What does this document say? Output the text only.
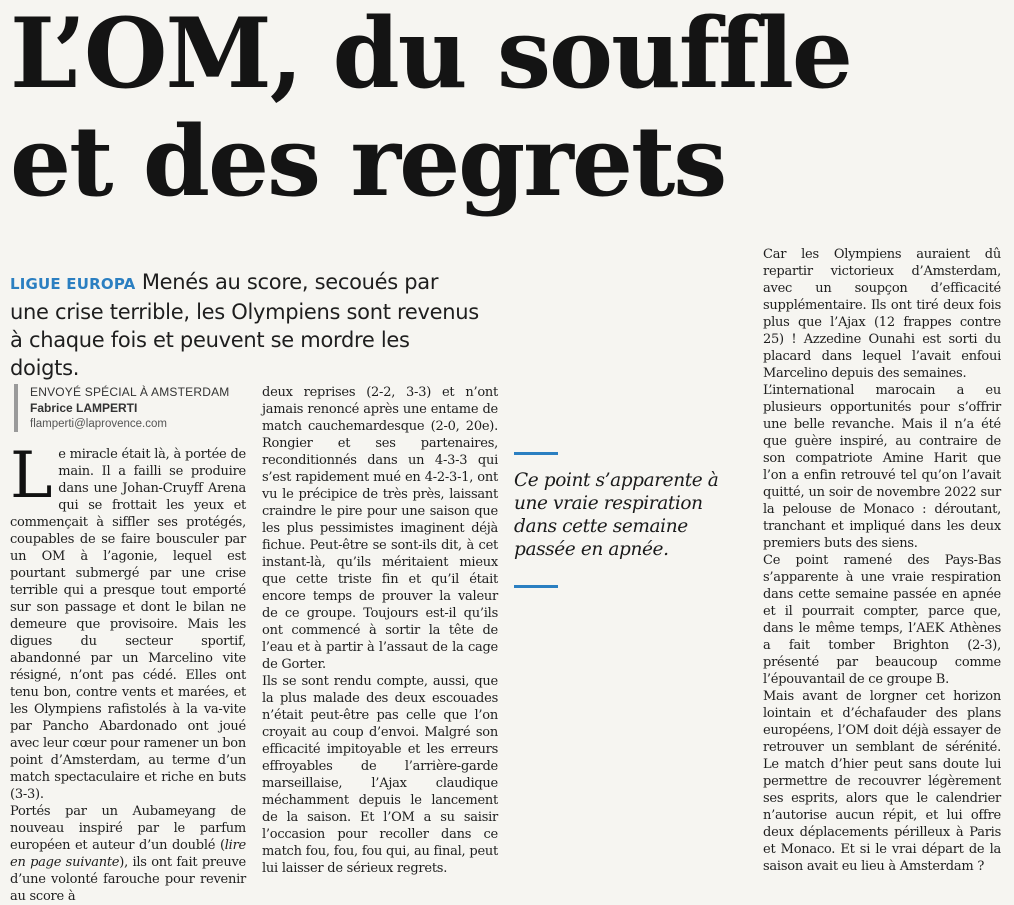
L’OM, du souffle
et des regrets
LIGUE EUROPA Menés au score, secoués par une crise terrible, les Olympiens sont revenus à chaque fois et peuvent se mordre les doigts.
ENVOYÉ SPÉCIAL À AMSTERDAM
Fabrice LAMPERTI
flamperti@laprovence.com

Le miracle était là, à portée de main. Il a failli se produire dans une Johan-Cruyff Arena qui se frottait les yeux et commençait à siffler ses protégés, coupables de se faire bousculer par un OM à l’agonie, lequel est pourtant submergé par une crise terrible qui a presque tout emporté sur son passage et dont le bilan ne demeure que provisoire. Mais les digues du secteur sportif, abandonné par un Marcelino vite résigné, n’ont pas cédé. Elles ont tenu bon, contre vents et marées, et les Olympiens rafistolés à la va-vite par Pancho Abardonado ont joué avec leur cœur pour ramener un bon point d’Amsterdam, au terme d’un match spectaculaire et riche en buts (3-3).

Portés par un Aubameyang de nouveau inspiré par le parfum européen et auteur d’un doublé (lire en page suivante), ils ont fait preuve d’une volonté farouche pour revenir au score à

deux reprises (2-2, 3-3) et n’ont jamais renoncé après une entame de match cauchemardesque (2-0, 20e). Rongier et ses partenaires, reconditionnés dans un 4-3-3 qui s’est rapidement mué en 4-2-3-1, ont vu le précipice de très près, laissant craindre le pire pour une saison que les plus pessimistes imaginent déjà fichue. Peut-être se sont-ils dit, à cet instant-là, qu’ils méritaient mieux que cette triste fin et qu’il était encore temps de prouver la valeur de ce groupe. Toujours est-il qu’ils ont commencé à sortir la tête de l’eau et à partir à l’assaut de la cage de Gorter.

Ils se sont rendu compte, aussi, que la plus malade des deux escouades n’était peut-être pas celle que l’on croyait au coup d’envoi. Malgré son efficacité impitoyable et les erreurs effroyables de l’arrière-garde marseillaise, l’Ajax claudique méchamment depuis le lancement de la saison. Et l’OM a su saisir l’occasion pour recoller dans ce match fou, fou, fou qui, au final, peut lui laisser de sérieux regrets.

Ce point s’apparente à une vraie respiration dans cette semaine passée en apnée.

Car les Olympiens auraient dû repartir victorieux d’Amsterdam, avec un soupçon d’efficacité supplémentaire. Ils ont tiré deux fois plus que l’Ajax (12 frappes contre 25) ! Azzedine Ounahi est sorti du placard dans lequel l’avait enfoui Marcelino depuis des semaines.

L’international marocain a eu plusieurs opportunités pour s’offrir une belle revanche. Mais il n’a été que guère inspiré, au contraire de son compatriote Amine Harit que l’on a enfin retrouvé tel qu’on l’avait quitté, un soir de novembre 2022 sur la pelouse de Monaco : déroutant, tranchant et impliqué dans les deux premiers buts des siens.

Ce point ramené des Pays-Bas s’apparente à une vraie respiration dans cette semaine passée en apnée et il pourrait compter, parce que, dans le même temps, l’AEK Athènes a fait tomber Brighton (2-3), présenté par beaucoup comme l’épouvantail de ce groupe B.

Mais avant de lorgner cet horizon lointain et d’échafauder des plans européens, l’OM doit déjà essayer de retrouver un semblant de sérénité. Le match d’hier peut sans doute lui permettre de recouvrer légèrement ses esprits, alors que le calendrier n’autorise aucun répit, et lui offre deux déplacements périlleux à Paris et Monaco. Et si le vrai départ de la saison avait eu lieu à Amsterdam ?
